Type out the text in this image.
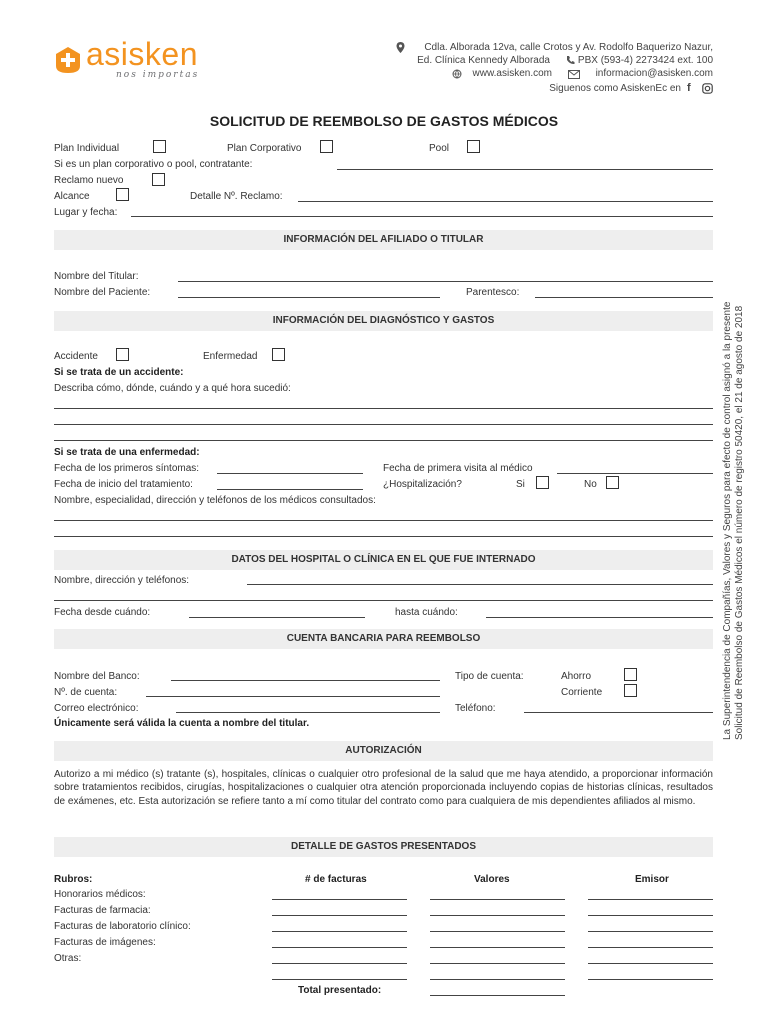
asisken
nos importas
Cdla. Alborada 12va, calle Crotos y Av. Rodolfo Baquerizo Nazur,
Ed. Clínica Kennedy Alborada	PBX (593-4) 2273424 ext. 100
www.asisken.com	informacion@asisken.com
Siguenos como AsiskenEc en f
SOLICITUD DE REEMBOLSO DE GASTOS MÉDICOS
Plan Individual	Plan Corporativo	Pool
Si es un plan corporativo o pool, contratante:
Reclamo nuevo
Alcance	Detalle Nº. Reclamo:
Lugar y fecha:
INFORMACIÓN DEL AFILIADO O TITULAR
Nombre del Titular:
Nombre del Paciente:	Parentesco:
INFORMACIÓN DEL DIAGNÓSTICO Y GASTOS
Accidente	Enfermedad
Si se trata de un accidente:
Describa cómo, dónde, cuándo y a qué hora sucedió:
Si se trata de una enfermedad:
Fecha de los primeros síntomas:	Fecha de primera visita al médico
Fecha de inicio del tratamiento:	¿Hospitalización?	Si	No
Nombre, especialidad, dirección y teléfonos de los médicos consultados:
DATOS DEL HOSPITAL O CLÍNICA EN EL QUE FUE INTERNADO
Nombre, dirección y teléfonos:
Fecha desde cuándo:	hasta cuándo:
CUENTA BANCARIA PARA REEMBOLSO
Nombre del Banco:	Tipo de cuenta:	Ahorro
Nº. de cuenta:	Corriente
Correo electrónico:	Teléfono:
Únicamente será válida la cuenta a nombre del titular.
AUTORIZACIÓN
Autorizo a mi médico (s) tratante (s), hospitales, clínicas o cualquier otro profesional de la salud que me haya atendido, a proporcionar información sobre tratamientos recibidos, cirugías, hospitalizaciones o cualquier otra atención proporcionada incluyendo copias de historias clínicas, resultados de exámenes, etc. Esta autorización se refiere tanto a mí como titular del contrato como para cualquiera de mis dependientes afiliados al mismo.
DETALLE DE GASTOS PRESENTADOS
Rubros:	# de facturas	Valores	Emisor
Honorarios médicos:
Facturas de farmacia:
Facturas de laboratorio clínico:
Facturas de imágenes:
Otras:
Total presentado:
La Superintendencia de Compañías, Valores y Seguros para efecto de control asignó a la presente Solicitud de Reembolso de Gastos Médicos el número de registro 50420, el 21 de agosto de 2018
